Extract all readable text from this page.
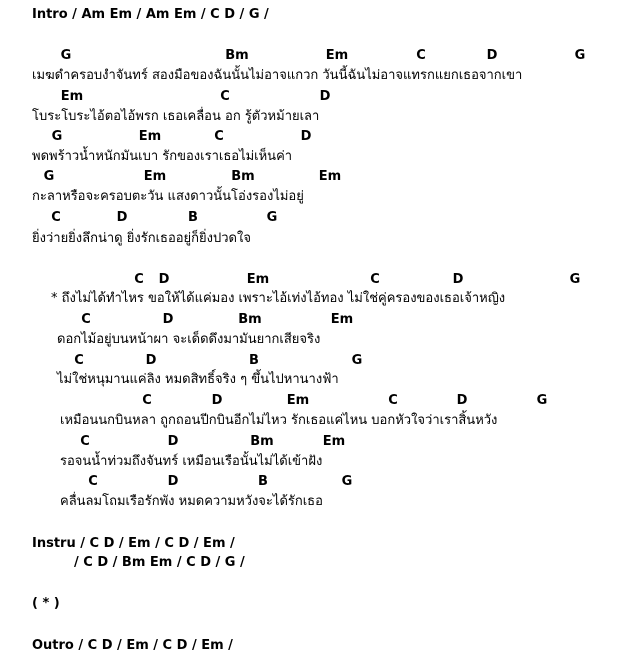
Intro / Am Em / Am Em / C D / G /
Instru / C D / Em / C D / Em /
/ C D / Bm Em / C D / G /
( * )
Outro / C D / Em / C D / Em /
G	Bm	Em	C	D	G
เมฆดำครอบงำจันทร์ สองมือของฉันนั้นไม่อาจแกวก วันนี้ฉันไม่อาจแทรกแยกเธอจากเขา
Em	C	D
โบระโบระไอ้ตอไอ้พรก เธอเคลื่อน อก รู้ตัวหม้ายเลา
G	Em	C	D
พดพร้าวน้ำหนักมันเบา รักของเราเธอไม่เห็นค่า
G	Em	Bm	Em
กะลาหรือจะครอบตะวัน แสงดาวนั้นโอ่งรองไม่อยู่
C	D	B	G
ยิ่งว่ายยิ่งลึกน่าดู ยิ่งรักเธออยู่ก็ยิ่งปวดใจ
C D	Em	C	D	G
* ถึงไม่ได้ทำไหร ขอให้ได้แค่มอง เพราะไอ้เท่งไอ้ทอง ไม่ใช่คู่ครองของเธอเจ้าหญิง
C	D	Bm	Em
ดอกไม้อยู่บนหน้าผา จะเด็ดดึงมามันยากเสียจริง
C	D	B	G
ไม่ใช่หนุมานแค่ลิง หมดสิทธิ์จริง ๆ ขึ้นไปหานางฟ้า
C	D	Em	C	D	G
เหมือนนกบินหลา ถูกถอนปีกบินอีกไม่ไหว รักเธอแค่ไหน บอกหัวใจว่าเราสิ้นหวัง
C	D	Bm	Em
รอจนน้ำท่วมถึงจันทร์ เหมือนเรือนั้นไม่ได้เข้าฝัง
C	D	B	G
คลื่นลมโถมเรือรักพัง หมดความหวังจะได้รักเธอ
